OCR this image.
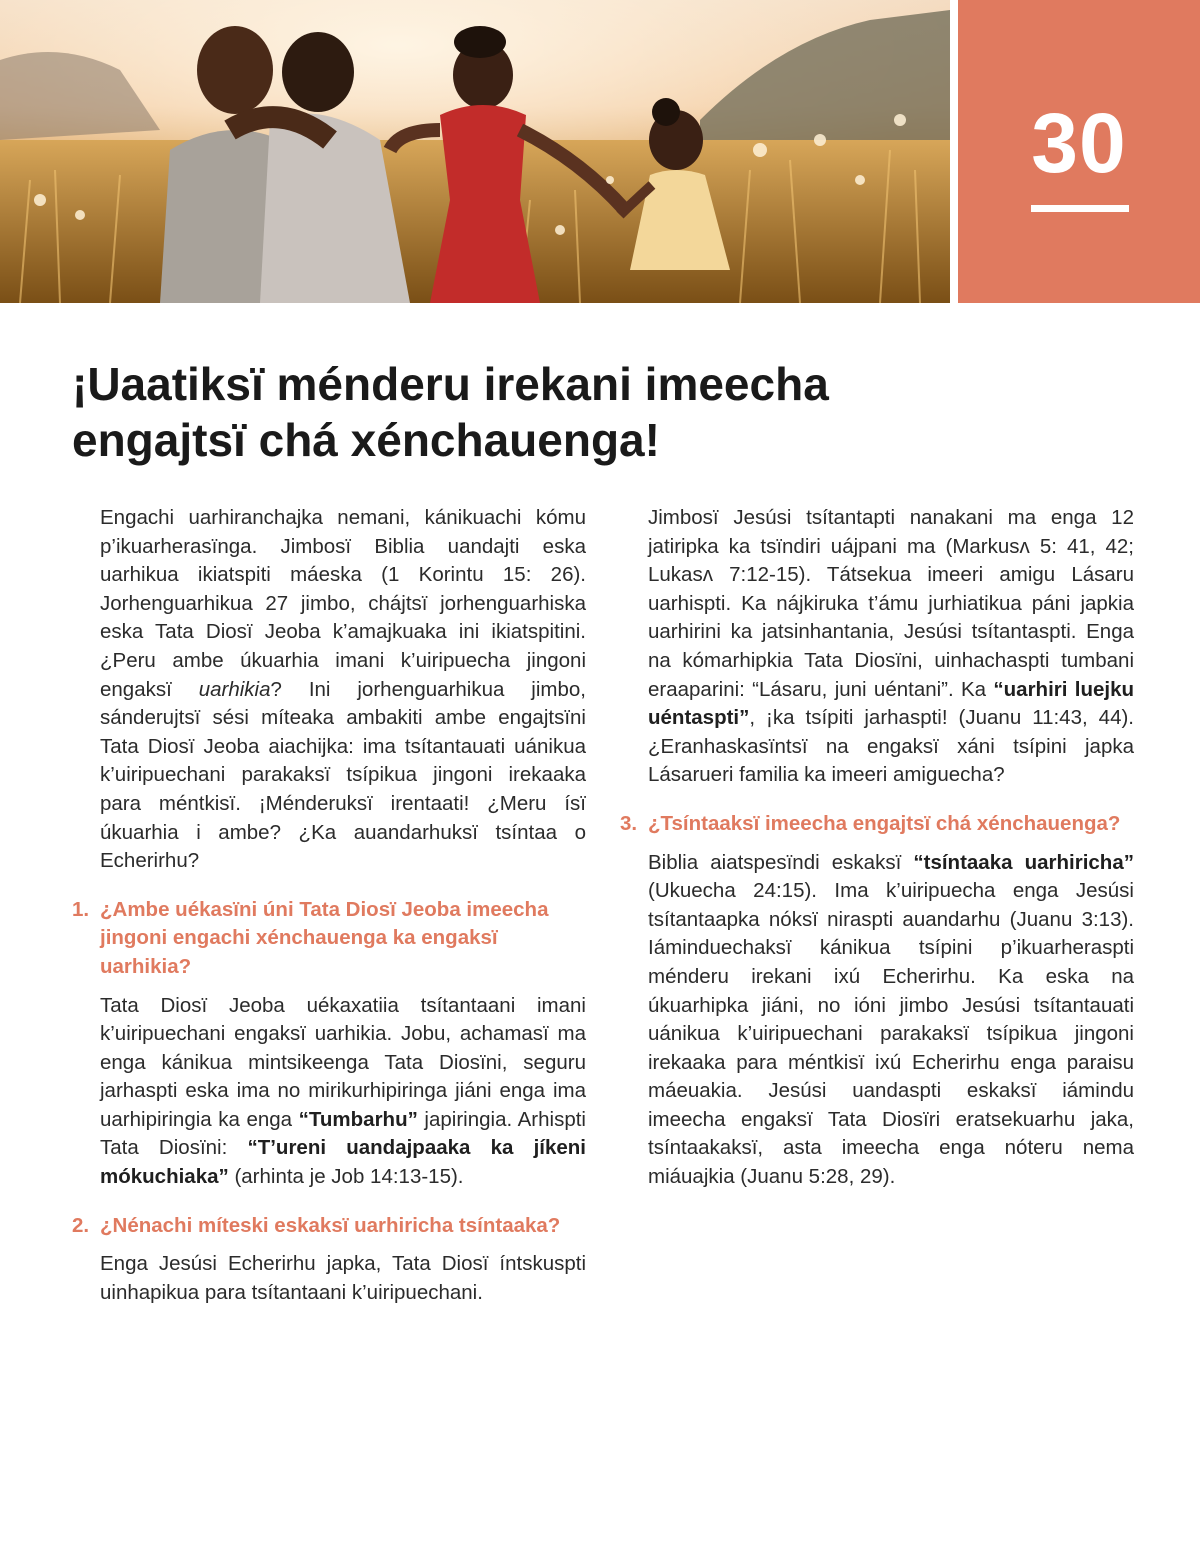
30
¡Uaatiksï ménderu irekani imeecha
engajtsï chá xénchauenga!

Engachi uarhiranchajka nemani, kánikuachi kómu p’ikuarherasïnga. Jimbosï Biblia uandajti eska uarhikua ikiatspiti máeska (1 Korintu 15: 26). Jorhenguarhikua 27 jimbo, chájtsï jorhenguarhiska eska Tata Diosï Jeoba k’amajkuaka ini ikiatspitini. ¿Peru ambe úkuarhia imani k’uiripuecha jingoni engaksï uarhikia? Ini jorhenguarhikua jimbo, sánderujtsï sési míteaka ambakiti ambe engajtsïni Tata Diosï Jeoba aiachijka: ima tsítantauati uánikua k’uiripuechani parakaksï tsípikua jingoni irekaaka para méntkisï. ¡Ménderuksï irentaati! ¿Meru ísï úkuarhia i ambe? ¿Ka auandarhuksï tsíntaa o Echerirhu?

1. ¿Ambe uékasïni úni Tata Diosï Jeoba imeecha jingoni engachi xénchauenga ka engaksï uarhikia?

Tata Diosï Jeoba uékaxatiia tsítantaani imani k’uiripuechani engaksï uarhikia. Jobu, achamasï ma enga kánikua mintsikeenga Tata Diosïni, seguru jarhaspti eska ima no mirikurhipiringa jiáni enga ima uarhipiringia ka enga “Tumbarhu” japiringia. Arhispti Tata Diosïni: “T’ureni uandajpaaka ka jíkeni mókuchiaka” (arhinta je Job 14:13-15).

2. ¿Nénachi míteski eskaksï uarhiricha tsíntaaka?

Enga Jesúsi Echerirhu japka, Tata Diosï íntskuspti uinhapikua para tsítantaani k’uiripuechani.

Jimbosï Jesúsi tsítantapti nanakani ma enga 12 jatiripka ka tsïndiri uájpani ma (Markusʌ 5: 41, 42; Lukasʌ 7:12-15). Tátsekua imeeri amigu Lásaru uarhispti. Ka nájkiruka t’ámu jurhiatikua páni japkia uarhirini ka jatsinhantania, Jesúsi tsítantaspti. Enga na kómarhipkia Tata Diosïni, uinhachaspti tumbani eraaparini: “Lásaru, juni uéntani”. Ka “uarhiri luejku uéntaspti”, ¡ka tsípiti jarhaspti! (Juanu 11:43, 44). ¿Eranhaskasïntsï na engaksï xáni tsípini japka Lásarueri familia ka imeeri amiguecha?

3. ¿Tsíntaaksï imeecha engajtsï chá xénchauenga?

Biblia aiatspesïndi eskaksï “tsíntaaka uarhiricha” (Ukuecha 24:15). Ima k’uiripuecha enga Jesúsi tsítantaapka nóksï niraspti auandarhu (Juanu 3:13). Iáminduechaksï kánikua tsípini p’ikuarheraspti ménderu irekani ixú Echerirhu. Ka eska na úkuarhipka jiáni, no ióni jimbo Jesúsi tsítantauati uánikua k’uiripuechani parakaksï tsípikua jingoni irekaaka para méntkisï ixú Echerirhu enga paraisu máeuakia. Jesúsi uandaspti eskaksï iámindu imeecha engaksï Tata Diosïri eratsekuarhu jaka, tsíntaakaksï, asta imeecha enga nóteru nema miáuajkia (Juanu 5:28, 29).
